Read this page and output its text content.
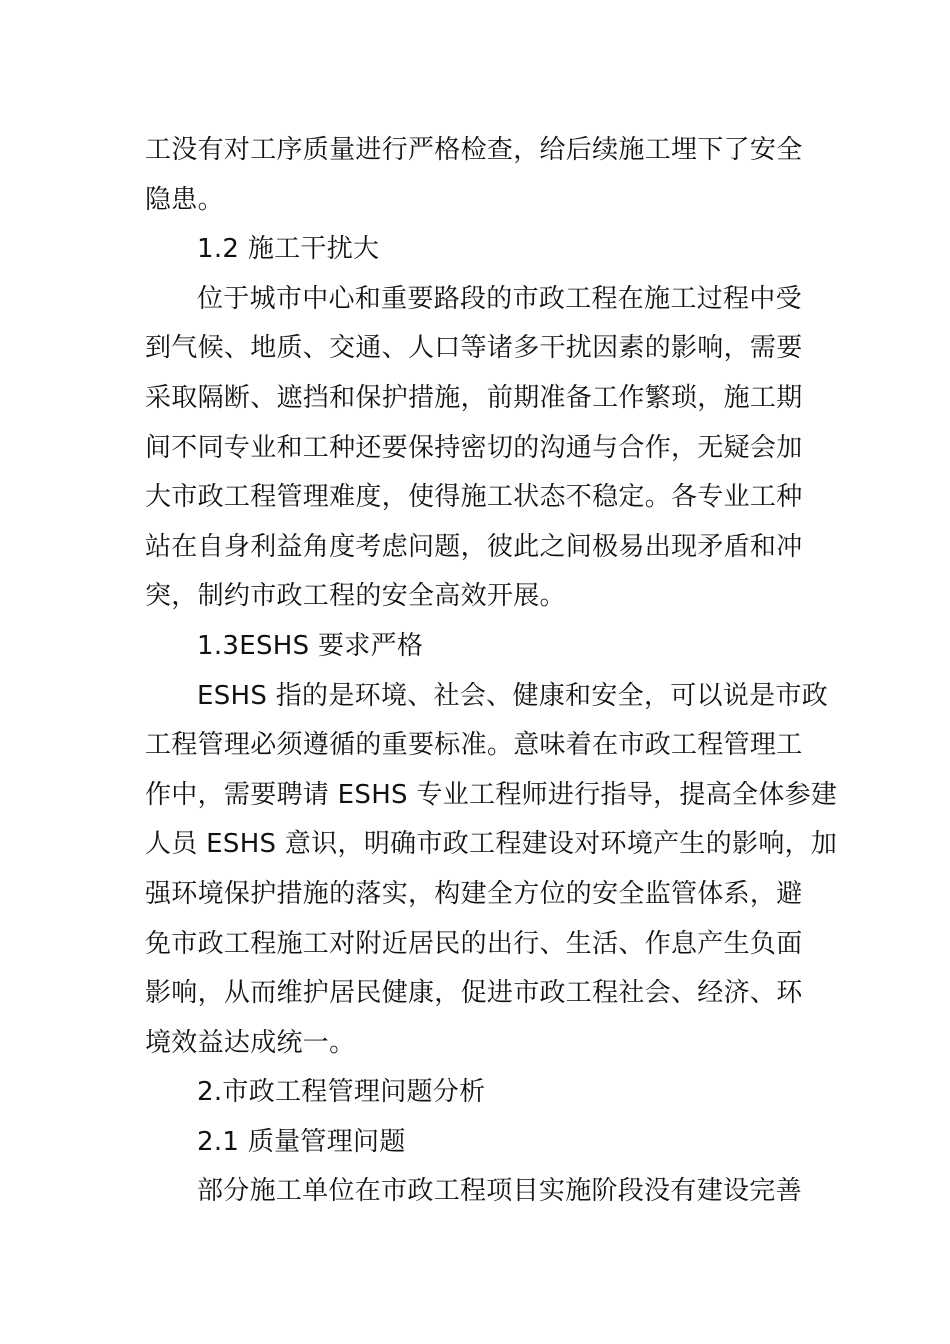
工没有对工序质量进行严格检查，给后续施工埋下了安全
隐患。
1.2 施工干扰大
位于城市中心和重要路段的市政工程在施工过程中受
到气候、地质、交通、人口等诸多干扰因素的影响，需要
采取隔断、遮挡和保护措施，前期准备工作繁琐，施工期
间不同专业和工种还要保持密切的沟通与合作，无疑会加
大市政工程管理难度，使得施工状态不稳定。各专业工种
站在自身利益角度考虑问题，彼此之间极易出现矛盾和冲
突，制约市政工程的安全高效开展。
1.3ESHS 要求严格
ESHS 指的是环境、社会、健康和安全，可以说是市政
工程管理必须遵循的重要标准。意味着在市政工程管理工
作中，需要聘请 ESHS 专业工程师进行指导，提高全体参建
人员 ESHS 意识，明确市政工程建设对环境产生的影响，加
强环境保护措施的落实，构建全方位的安全监管体系，避
免市政工程施工对附近居民的出行、生活、作息产生负面
影响，从而维护居民健康，促进市政工程社会、经济、环
境效益达成统一。
2.市政工程管理问题分析
2.1 质量管理问题
部分施工单位在市政工程项目实施阶段没有建设完善
